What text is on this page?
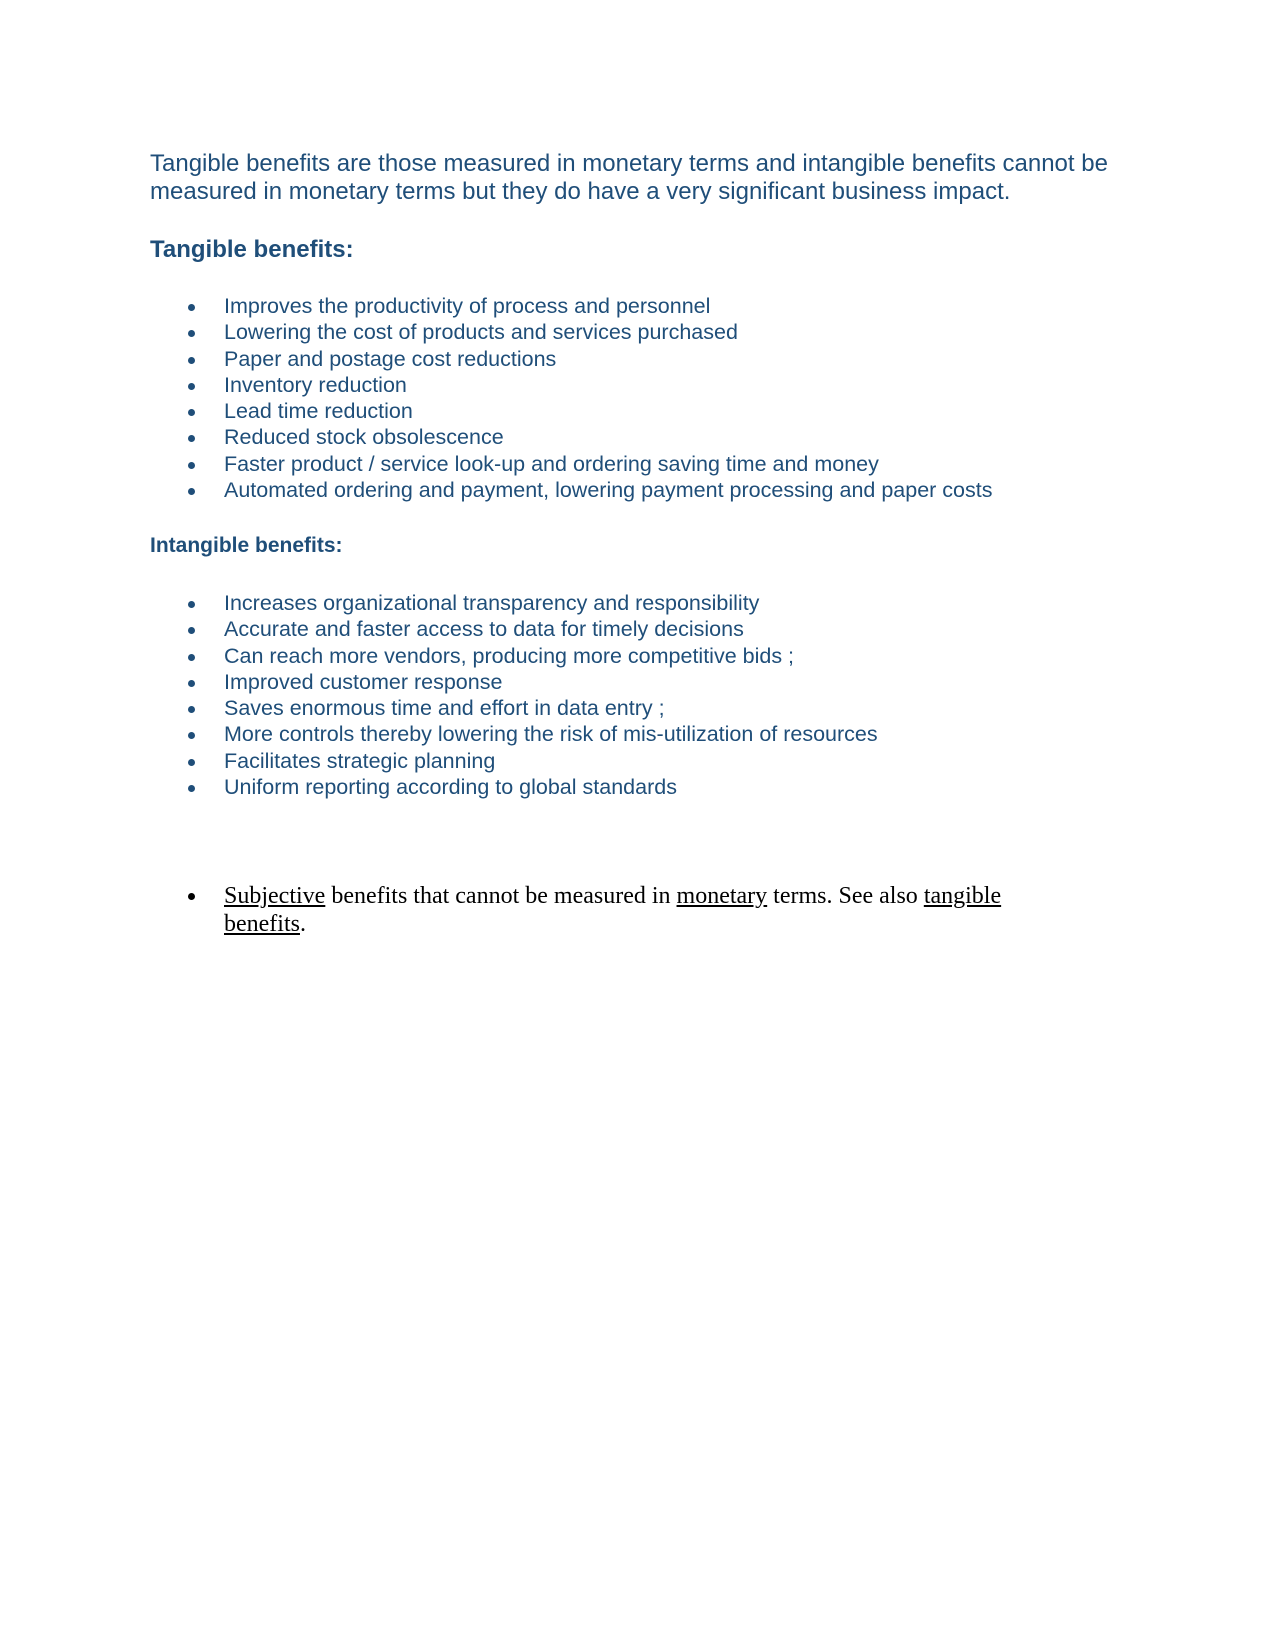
Tangible benefits are those measured in monetary terms and intangible benefits cannot be measured in monetary terms but they do have a very significant business impact.

Tangible benefits:
Improves the productivity of process and personnel
Lowering the cost of products and services purchased
Paper and postage cost reductions
Inventory reduction
Lead time reduction
Reduced stock obsolescence
Faster product / service look-up and ordering saving time and money
Automated ordering and payment, lowering payment processing and paper costs
Intangible benefits:
Increases organizational transparency and responsibility
Accurate and faster access to data for timely decisions
Can reach more vendors, producing more competitive bids ;
Improved customer response
Saves enormous time and effort in data entry ;
More controls thereby lowering the risk of mis-utilization of resources
Facilitates strategic planning
Uniform reporting according to global standards
Subjective benefits that cannot be measured in monetary terms. See also tangible benefits.
